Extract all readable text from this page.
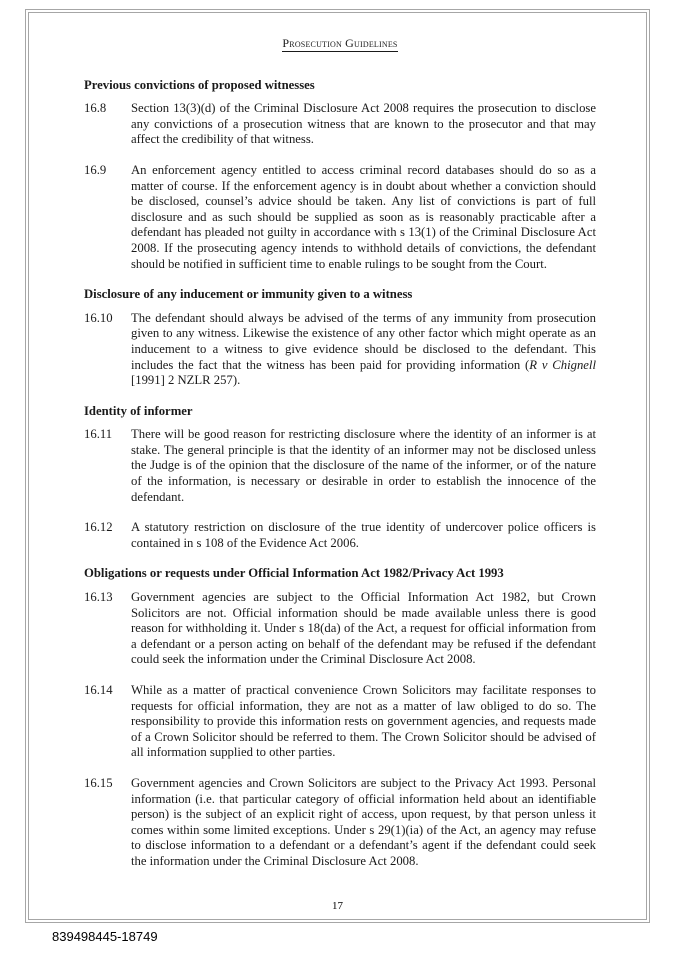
Prosecution Guidelines
Previous convictions of proposed witnesses
16.8	Section 13(3)(d) of the Criminal Disclosure Act 2008 requires the prosecution to disclose any convictions of a prosecution witness that are known to the prosecutor and that may affect the credibility of that witness.
16.9	An enforcement agency entitled to access criminal record databases should do so as a matter of course. If the enforcement agency is in doubt about whether a conviction should be disclosed, counsel’s advice should be taken. Any list of convictions is part of full disclosure and as such should be supplied as soon as is reasonably practicable after a defendant has pleaded not guilty in accordance with s 13(1) of the Criminal Disclosure Act 2008. If the prosecuting agency intends to withhold details of convictions, the defendant should be notified in sufficient time to enable rulings to be sought from the Court.
Disclosure of any inducement or immunity given to a witness
16.10	The defendant should always be advised of the terms of any immunity from prosecution given to any witness. Likewise the existence of any other factor which might operate as an inducement to a witness to give evidence should be disclosed to the defendant. This includes the fact that the witness has been paid for providing information (R v Chignell [1991] 2 NZLR 257).
Identity of informer
16.11	There will be good reason for restricting disclosure where the identity of an informer is at stake. The general principle is that the identity of an informer may not be disclosed unless the Judge is of the opinion that the disclosure of the name of the informer, or of the nature of the information, is necessary or desirable in order to establish the innocence of the defendant.
16.12	A statutory restriction on disclosure of the true identity of undercover police officers is contained in s 108 of the Evidence Act 2006.
Obligations or requests under Official Information Act 1982/Privacy Act 1993
16.13	Government agencies are subject to the Official Information Act 1982, but Crown Solicitors are not. Official information should be made available unless there is good reason for withholding it. Under s 18(da) of the Act, a request for official information from a defendant or a person acting on behalf of the defendant may be refused if the defendant could seek the information under the Criminal Disclosure Act 2008.
16.14	While as a matter of practical convenience Crown Solicitors may facilitate responses to requests for official information, they are not as a matter of law obliged to do so. The responsibility to provide this information rests on government agencies, and requests made of a Crown Solicitor should be referred to them. The Crown Solicitor should be advised of all information supplied to other parties.
16.15	Government agencies and Crown Solicitors are subject to the Privacy Act 1993. Personal information (i.e. that particular category of official information held about an identifiable person) is the subject of an explicit right of access, upon request, by that person unless it comes within some limited exceptions. Under s 29(1)(ia) of the Act, an agency may refuse to disclose information to a defendant or a defendant’s agent if the defendant could seek the information under the Criminal Disclosure Act 2008.
17
839498445-18749
